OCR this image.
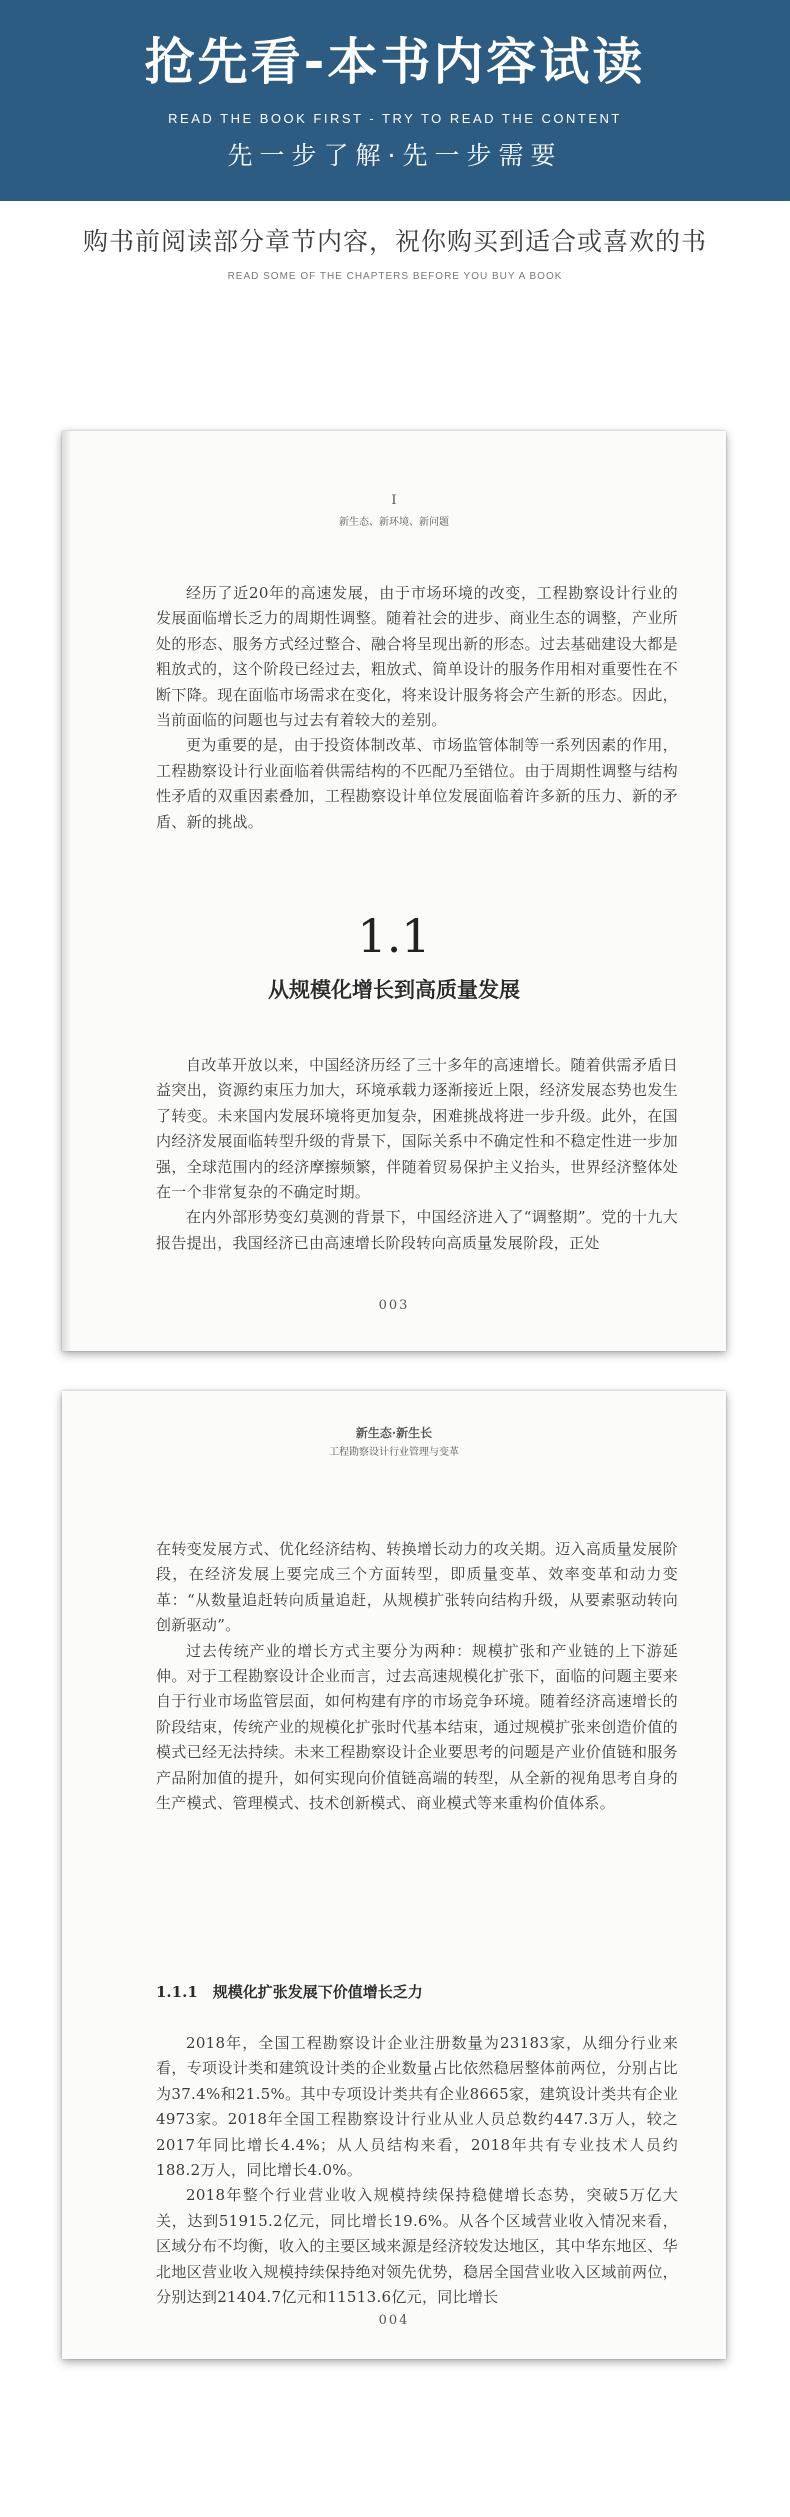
抢先看-本书内容试读
READ THE BOOK FIRST - TRY TO READ THE CONTENT
先一步了解·先一步需要
购书前阅读部分章节内容，祝你购买到适合或喜欢的书
READ SOME OF THE CHAPTERS BEFORE YOU BUY A BOOK
I
新生态、新环境、新问题

经历了近20年的高速发展，由于市场环境的改变，工程勘察设计行业的发展面临增长乏力的周期性调整。随着社会的进步、商业生态的调整，产业所处的形态、服务方式经过整合、融合将呈现出新的形态。过去基础建设大都是粗放式的，这个阶段已经过去，粗放式、简单设计的服务作用相对重要性在不断下降。现在面临市场需求在变化，将来设计服务将会产生新的形态。因此，当前面临的问题也与过去有着较大的差别。

更为重要的是，由于投资体制改革、市场监管体制等一系列因素的作用，工程勘察设计行业面临着供需结构的不匹配乃至错位。由于周期性调整与结构性矛盾的双重因素叠加，工程勘察设计单位发展面临着许多新的压力、新的矛盾、新的挑战。

1.1
从规模化增长到高质量发展

自改革开放以来，中国经济历经了三十多年的高速增长。随着供需矛盾日益突出，资源约束压力加大，环境承载力逐渐接近上限，经济发展态势也发生了转变。未来国内发展环境将更加复杂，困难挑战将进一步升级。此外，在国内经济发展面临转型升级的背景下，国际关系中不确定性和不稳定性进一步加强，全球范围内的经济摩擦频繁，伴随着贸易保护主义抬头，世界经济整体处在一个非常复杂的不确定时期。

在内外部形势变幻莫测的背景下，中国经济进入了“调整期”。党的十九大报告提出，我国经济已由高速增长阶段转向高质量发展阶段，正处

003
新生态·新生长
工程勘察设计行业管理与变革

在转变发展方式、优化经济结构、转换增长动力的攻关期。迈入高质量发展阶段，在经济发展上要完成三个方面转型，即质量变革、效率变革和动力变革：“从数量追赶转向质量追赶，从规模扩张转向结构升级，从要素驱动转向创新驱动”。

过去传统产业的增长方式主要分为两种：规模扩张和产业链的上下游延伸。对于工程勘察设计企业而言，过去高速规模化扩张下，面临的问题主要来自于行业市场监管层面，如何构建有序的市场竞争环境。随着经济高速增长的阶段结束，传统产业的规模化扩张时代基本结束，通过规模扩张来创造价值的模式已经无法持续。未来工程勘察设计企业要思考的问题是产业价值链和服务产品附加值的提升，如何实现向价值链高端的转型，从全新的视角思考自身的生产模式、管理模式、技术创新模式、商业模式等来重构价值体系。

1.1.1　规模化扩张发展下价值增长乏力

2018年，全国工程勘察设计企业注册数量为23183家，从细分行业来看，专项设计类和建筑设计类的企业数量占比依然稳居整体前两位，分别占比为37.4%和21.5%。其中专项设计类共有企业8665家，建筑设计类共有企业4973家。2018年全国工程勘察设计行业从业人员总数约447.3万人，较之2017年同比增长4.4%；从人员结构来看，2018年共有专业技术人员约188.2万人，同比增长4.0%。

2018年整个行业营业收入规模持续保持稳健增长态势，突破5万亿大关，达到51915.2亿元，同比增长19.6%。从各个区域营业收入情况来看，区域分布不均衡，收入的主要区域来源是经济较发达地区，其中华东地区、华北地区营业收入规模持续保持绝对领先优势，稳居全国营业收入区域前两位，分别达到21404.7亿元和11513.6亿元，同比增长

004
